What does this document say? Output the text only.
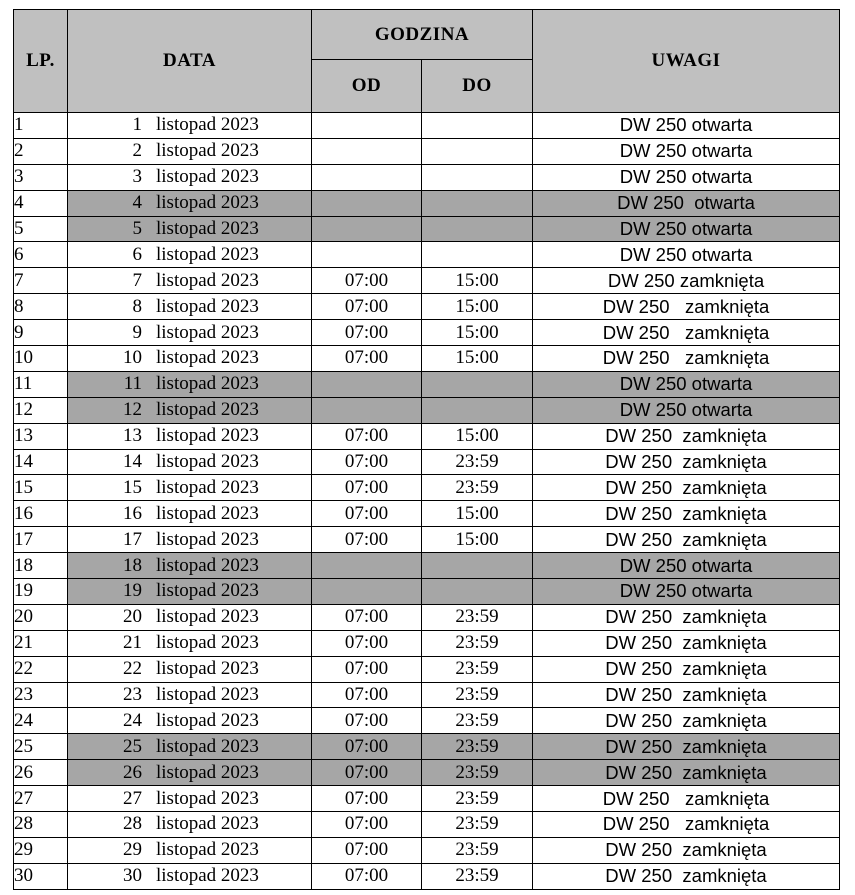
LP.	DATA	GODZINA		UWAGI
		OD	DO	
1	1 listopad 2023			DW 250 otwarta
2	2 listopad 2023			DW 250 otwarta
3	3 listopad 2023			DW 250 otwarta
4	4 listopad 2023			DW 250  otwarta
5	5 listopad 2023			DW 250 otwarta
6	6 listopad 2023			DW 250 otwarta
7	7 listopad 2023	07:00	15:00	DW 250 zamknięta
8	8 listopad 2023	07:00	15:00	DW 250   zamknięta
9	9 listopad 2023	07:00	15:00	DW 250   zamknięta
10	10 listopad 2023	07:00	15:00	DW 250   zamknięta
11	11 listopad 2023			DW 250 otwarta
12	12 listopad 2023			DW 250 otwarta
13	13 listopad 2023	07:00	15:00	DW 250  zamknięta
14	14 listopad 2023	07:00	23:59	DW 250  zamknięta
15	15 listopad 2023	07:00	23:59	DW 250  zamknięta
16	16 listopad 2023	07:00	15:00	DW 250  zamknięta
17	17 listopad 2023	07:00	15:00	DW 250  zamknięta
18	18 listopad 2023			DW 250 otwarta
19	19 listopad 2023			DW 250 otwarta
20	20 listopad 2023	07:00	23:59	DW 250  zamknięta
21	21 listopad 2023	07:00	23:59	DW 250  zamknięta
22	22 listopad 2023	07:00	23:59	DW 250  zamknięta
23	23 listopad 2023	07:00	23:59	DW 250  zamknięta
24	24 listopad 2023	07:00	23:59	DW 250  zamknięta
25	25 listopad 2023	07:00	23:59	DW 250  zamknięta
26	26 listopad 2023	07:00	23:59	DW 250  zamknięta
27	27 listopad 2023	07:00	23:59	DW 250   zamknięta
28	28 listopad 2023	07:00	23:59	DW 250   zamknięta
29	29 listopad 2023	07:00	23:59	DW 250  zamknięta
30	30 listopad 2023	07:00	23:59	DW 250  zamknięta
